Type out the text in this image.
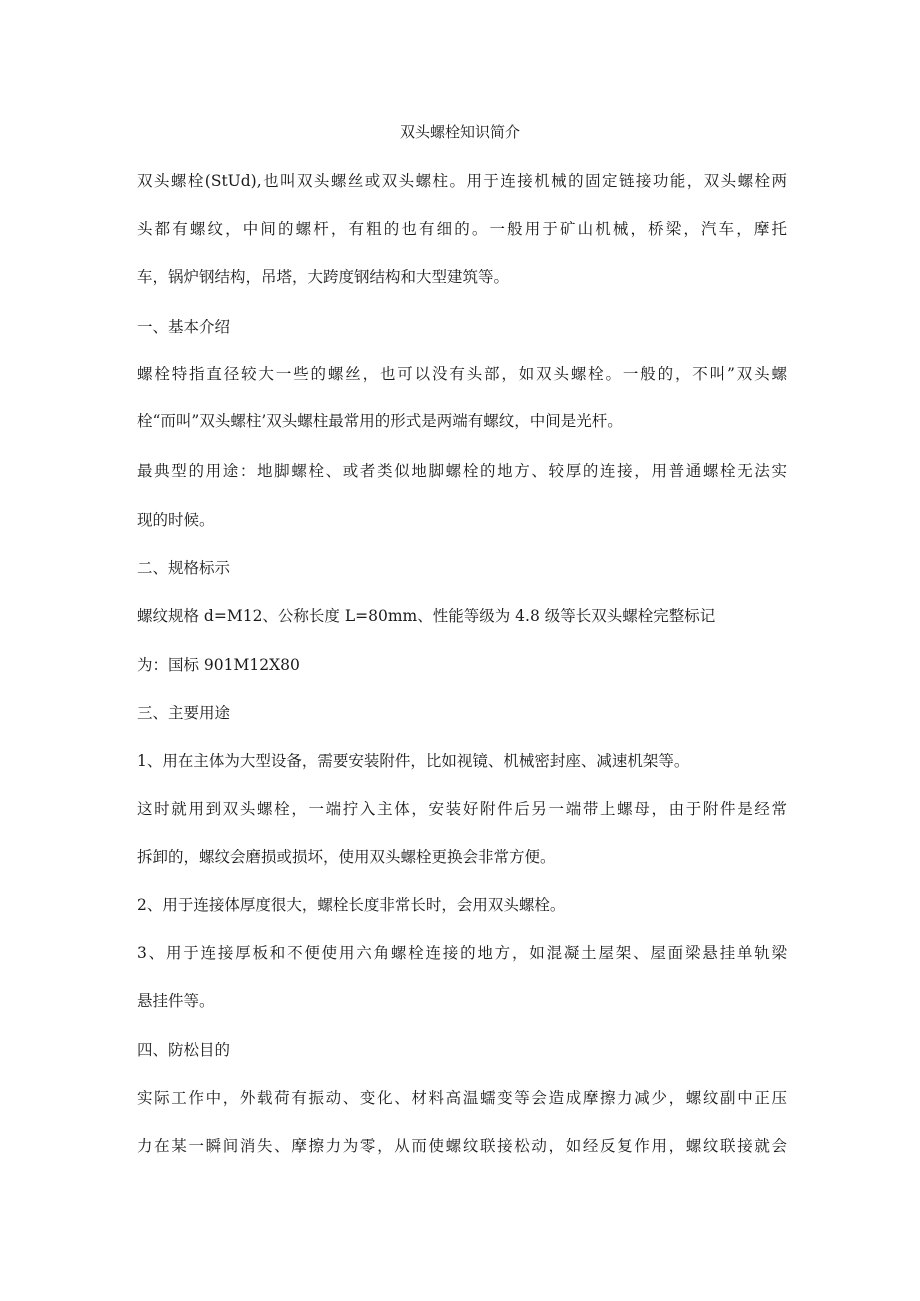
双头螺栓知识简介
双头螺栓(StUd),也叫双头螺丝或双头螺柱。用于连接机械的固定链接功能，双头螺栓两
头都有螺纹，中间的螺杆，有粗的也有细的。一般用于矿山机械，桥梁，汽车，摩托
车，锅炉钢结构，吊塔，大跨度钢结构和大型建筑等。
一、基本介绍
螺栓特指直径较大一些的螺丝，也可以没有头部，如双头螺栓。一般的，不叫”双头螺
栓“而叫”双头螺柱’双头螺柱最常用的形式是两端有螺纹，中间是光杆。
最典型的用途：地脚螺栓、或者类似地脚螺栓的地方、较厚的连接，用普通螺栓无法实
现的时候。
二、规格标示
螺纹规格 d=M12、公称长度 L=80mm、性能等级为 4.8 级等长双头螺栓完整标记
为：国标 901M12X80
三、主要用途
1、用在主体为大型设备，需要安装附件，比如视镜、机械密封座、减速机架等。
这时就用到双头螺栓，一端拧入主体，安装好附件后另一端带上螺母，由于附件是经常
拆卸的，螺纹会磨损或损坏，使用双头螺栓更换会非常方便。
2、用于连接体厚度很大，螺栓长度非常长时，会用双头螺栓。
3、用于连接厚板和不便使用六角螺栓连接的地方，如混凝土屋架、屋面梁悬挂单轨梁
悬挂件等。
四、防松目的
实际工作中，外载荷有振动、变化、材料高温蠕变等会造成摩擦力减少，螺纹副中正压
力在某一瞬间消失、摩擦力为零，从而使螺纹联接松动，如经反复作用，螺纹联接就会
